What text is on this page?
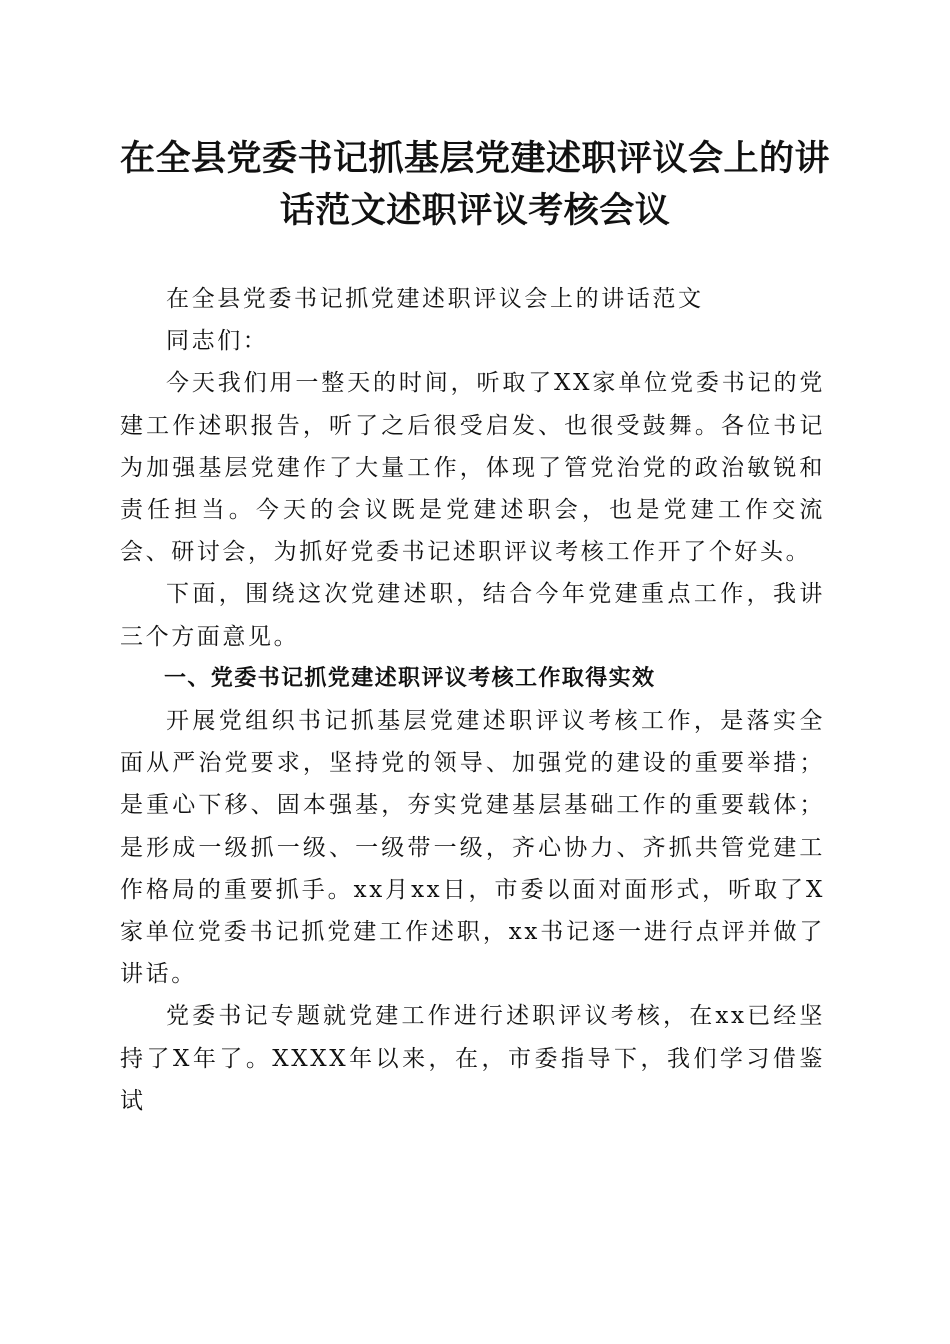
在全县党委书记抓基层党建述职评议会上的讲
话范文述职评议考核会议

在全县党委书记抓党建述职评议会上的讲话范文

同志们：

今天我们用一整天的时间，听取了XX家单位党委书记的党建工作述职报告，听了之后很受启发、也很受鼓舞。各位书记为加强基层党建作了大量工作，体现了管党治党的政治敏锐和责任担当。今天的会议既是党建述职会，也是党建工作交流会、研讨会，为抓好党委书记述职评议考核工作开了个好头。

下面，围绕这次党建述职，结合今年党建重点工作，我讲三个方面意见。

一、党委书记抓党建述职评议考核工作取得实效

开展党组织书记抓基层党建述职评议考核工作，是落实全面从严治党要求，坚持党的领导、加强党的建设的重要举措；是重心下移、固本强基，夯实党建基层基础工作的重要载体；是形成一级抓一级、一级带一级，齐心协力、齐抓共管党建工作格局的重要抓手。xx月xx日，市委以面对面形式，听取了X家单位党委书记抓党建工作述职，xx书记逐一进行点评并做了讲话。

党委书记专题就党建工作进行述职评议考核，在xx已经坚持了X年了。XXXX年以来，在，市委指导下，我们学习借鉴试
